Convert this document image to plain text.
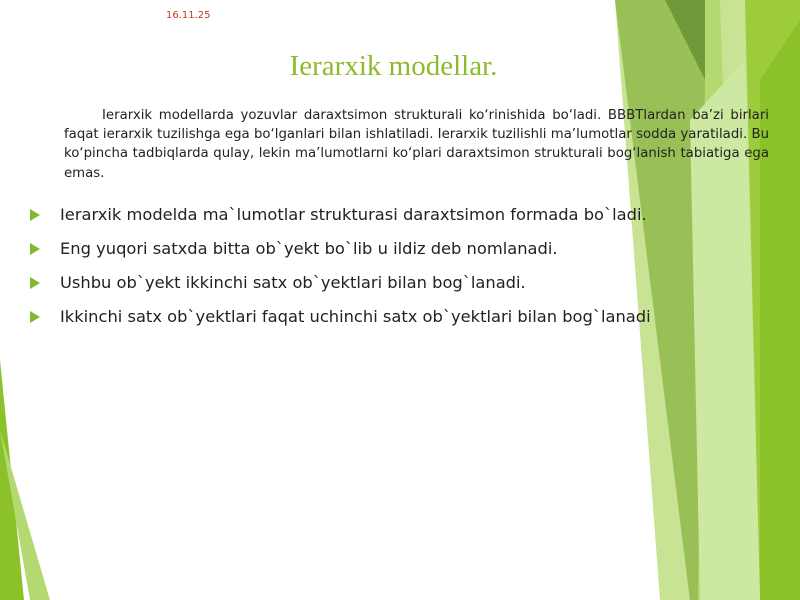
16.11.25
Ierarxik modellar.
Ierarxik modellarda yozuvlar daraxtsimon strukturali ko‘rinishida bo‘ladi. BBBTlardan ba’zi birlari faqat ierarxik tuzilishga ega bo‘lganlari bilan ishlatiladi. Ierarxik tuzilishli ma’lumotlar sodda yaratiladi. Bu ko‘pincha tadbiqlarda qulay, lekin ma’lumotlarni ko‘plari daraxtsimon strukturali bog‘lanish tabiatiga ega emas.
Ierarxik modelda ma`lumotlar strukturasi daraxtsimon formada bo`ladi.
Eng yuqori satxda bitta ob`yekt bo`lib u ildiz deb nomlanadi.
Ushbu ob`yekt ikkinchi satx ob`yektlari bilan bog`lanadi.
Ikkinchi satx ob`yektlari faqat uchinchi satx ob`yektlari bilan bog`lanadi
